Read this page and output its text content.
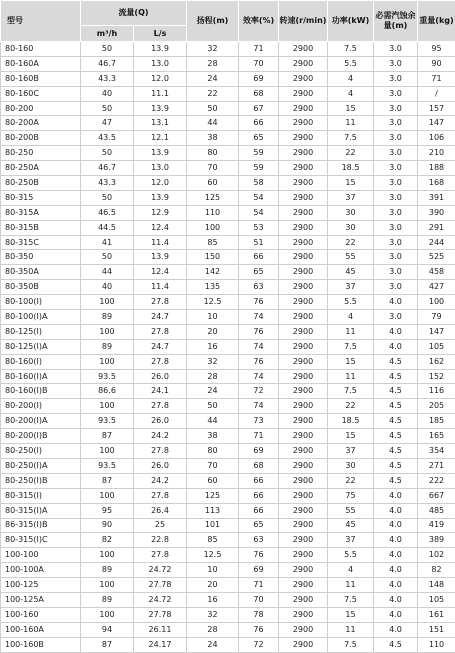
型号	流量(Q)		扬程(m)	效率(%)	转速(r/min)	功率(kW)	必需汽蚀余量(m)	重量(kg)
	m³/h	L/s						
80-160	50	13.9	32	71	2900	7.5	3.0	95
80-160A	46.7	13.0	28	70	2900	5.5	3.0	90
80-160B	43.3	12.0	24	69	2900	4	3.0	71
80-160C	40	11.1	22	68	2900	4	3.0	/
80-200	50	13.9	50	67	2900	15	3.0	157
80-200A	47	13.1	44	66	2900	11	3.0	147
80-200B	43.5	12.1	38	65	2900	7.5	3.0	106
80-250	50	13.9	80	59	2900	22	3.0	210
80-250A	46.7	13.0	70	59	2900	18.5	3.0	188
80-250B	43.3	12.0	60	58	2900	15	3.0	168
80-315	50	13.9	125	54	2900	37	3.0	391
80-315A	46.5	12.9	110	54	2900	30	3.0	390
80-315B	44.5	12.4	100	53	2900	30	3.0	291
80-315C	41	11.4	85	51	2900	22	3.0	244
80-350	50	13.9	150	66	2900	55	3.0	525
80-350A	44	12.4	142	65	2900	45	3.0	458
80-350B	40	11.4	135	63	2900	37	3.0	427
80-100(I)	100	27.8	12.5	76	2900	5.5	4.0	100
80-100(I)A	89	24.7	10	74	2900	4	3.0	79
80-125(I)	100	27.8	20	76	2900	11	4.0	147
80-125(I)A	89	24.7	16	74	2900	7.5	4.0	105
80-160(I)	100	27.8	32	76	2900	15	4.5	162
80-160(I)A	93.5	26.0	28	74	2900	11	4.5	152
80-160(I)B	86.6	24.1	24	72	2900	7.5	4.5	116
80-200(I)	100	27.8	50	74	2900	22	4.5	205
80-200(I)A	93.5	26.0	44	73	2900	18.5	4.5	185
80-200(I)B	87	24.2	38	71	2900	15	4.5	165
80-250(I)	100	27.8	80	69	2900	37	4.5	354
80-250(I)A	93.5	26.0	70	68	2900	30	4.5	271
80-250(I)B	87	24.2	60	66	2900	22	4.5	222
80-315(I)	100	27.8	125	66	2900	75	4.0	667
80-315(I)A	95	26.4	113	66	2900	55	4.0	485
86-315(I)B	90	25	101	65	2900	45	4.0	419
80-315(I)C	82	22.8	85	63	2900	37	4.0	389
100-100	100	27.8	12.5	76	2900	5.5	4.0	102
100-100A	89	24.72	10	69	2900	4	4.0	82
100-125	100	27.78	20	71	2900	11	4.0	148
100-125A	89	24.72	16	70	2900	7.5	4.0	105
100-160	100	27.78	32	78	2900	15	4.0	161
100-160A	94	26.11	28	76	2900	11	4.0	151
100-160B	87	24.17	24	72	2900	7.5	4.5	110
